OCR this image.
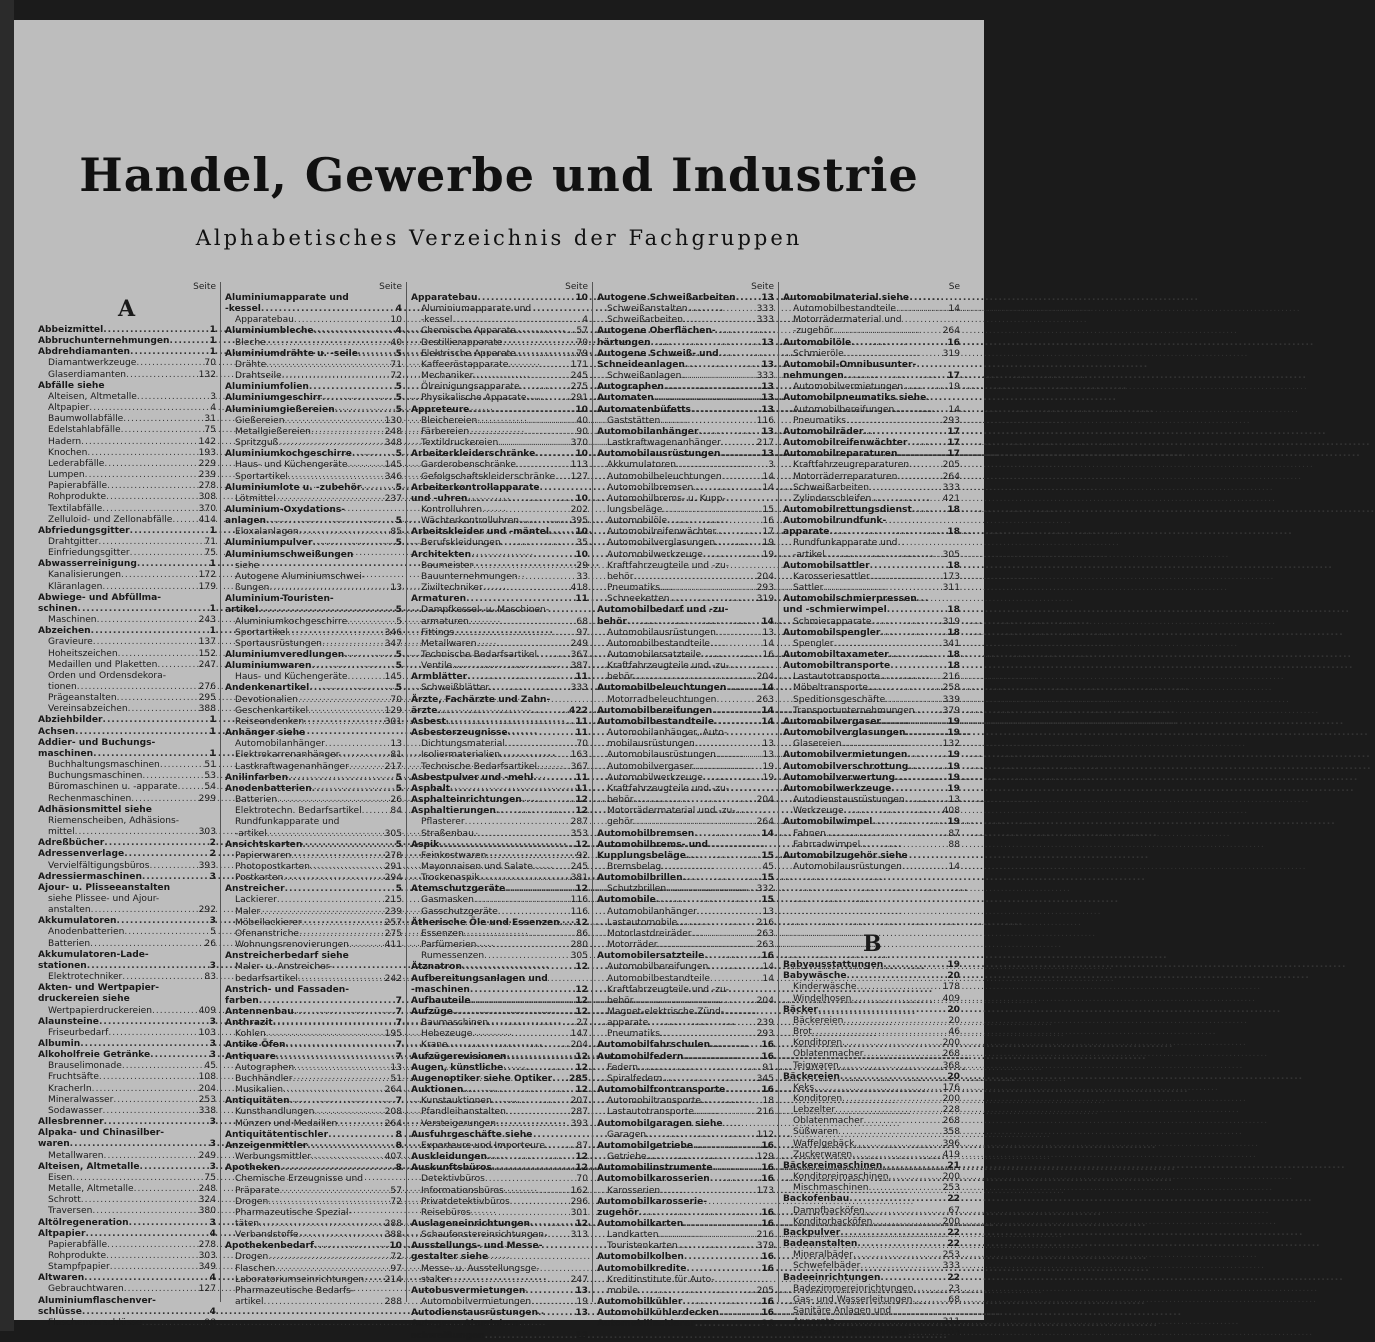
Handel, Gewerbe und Industrie
Alphabetisches Verzeichnis der Fachgruppen
Seite
A
Abbeizmittel .....	1
Abbruchunternehmungen .....	1
Abdrehdiamanten .....	1
Diamantwerkzeuge .....	70
Glaserdiamanten .....	132
Abfälle siehe
Alteisen, Altmetalle .....	3
Altpapier .....	4
Baumwollabfälle .....	31
Edelstahlabfälle .....	75
Hadern .....	142
Knochen .....	193
Lederabfälle .....	229
Lumpen .....	239
Papierabfälle .....	278
Rohprodukte .....	308
Textilabfälle .....	370
Zelluloid- und Zellonabfälle .....	414
Abfriedungsgitter .....	1
Drahtgitter .....	71
Einfriedungsgitter .....	75
Abwasserreinigung .....	1
Kanalisierungen .....	172
Kläranlagen .....	179
Abwiege- und Abfüllma-
schinen .....	1
Maschinen .....	243
Abzeichen .....	1
Gravieure .....	137
Hoheitszeichen .....	152
Medaillen und Plaketten .....	247
Orden und Ordensdekora-
tionen .....	276
Prägeanstalten .....	295
Vereinsabzeichen .....	388
Abziehbilder .....	1
Achsen .....	1
Addier- und Buchungs-
maschinen .....	1
Buchhaltungsmaschinen .....	51
Buchungsmaschinen .....	53
Büromaschinen u. -apparate .....	54
Rechenmaschinen .....	299
Adhäsionsmittel siehe
Riemenscheiben, Adhäsions-
mittel .....	303
Adreßbücher .....	2
Adressenverlage .....	2
Vervielfältigungsbüros .....	393
Adressiermaschinen .....	3
Ajour- u. Plisseeanstalten
siehe Plissee- und Ajour-
anstalten .....	292
Akkumulatoren .....	3
Anodenbatterien .....	5
Batterien .....	26
Akkumulatoren-Lade-
stationen .....	3
Elektrotechniker .....	83
Akten- und Wertpapier-
druckereien siehe
Wertpapierdruckereien .....	409
Alaunsteine .....	3
Friseurbedarf .....	103
Albumin .....	3
Alkoholfreie Getränke .....	3
Brauselimonade .....	45
Fruchtsäfte .....	108
Kracherln .....	204
Mineralwasser .....	253
Sodawasser .....	338
Allesbrenner .....	3
Alpaka- und Chinasilber-
waren .....	3
Metallwaren .....	249
Alteisen, Altmetalle .....	3
Eisen .....	75
Metalle, Altmetalle .....	248
Schrott .....	324
Traversen .....	380
Altölregeneration .....	3
Altpapier .....	4
Papierabfälle .....	278
Rohprodukte .....	303
Stampfpapier .....	349
Altwaren .....	4
Gebrauchtwaren .....	127
Aluminiumflaschenver-
schlüsse .....	4
Flaschenverschlüsse .....	98
Seite
Aluminiumapparate und
-kessel .....	4
Apparatebau .....	10
Aluminiumbleche .....	4
Bleche .....	40
Aluminiumdrähte u. -seile .....	5
Drähte .....	71
Drahtseile .....	72
Aluminiumfolien .....	5
Aluminiumgeschirr .....	5
Aluminiumgießereien .....	5
Gießereien .....	130
Metallgießereien .....	248
Spritzguß .....	348
Aluminiumkochgeschirre .....	5
Haus- und Küchengeräte .....	145
Sportartikel .....	346
Aluminiumlote u. -zubehör .....	5
Lötmittel .....	237
Aluminium-Oxydations-
anlagen .....	5
Eloxalanlagen .....	85
Aluminiumpulver .....	5
Aluminiumschweißungen
siehe
Autogene Aluminiumschwei-
ßungen .....	13
Aluminium-Touristen-
artikel .....	5
Aluminiumkochgeschirre .....	5
Sportartikel .....	346
Sportausrüstungen .....	347
Aluminiumveredlungen .....	5
Aluminiumwaren .....	5
Haus- und Küchengeräte .....	145
Andenkenartikel .....	5
Devotionalien .....	70
Geschenkartikel .....	129
Reiseandenken .....	301
Anhänger siehe
Automobilanhänger .....	13
Elektrokarrenanhänger .....	81
Lastkraftwagenanhänger .....	217
Anilinfarben .....	5
Anodenbatterien .....	5
Batterien .....	26
Elektrotechn. Bedarfsartikel .....	84
Rundfunkapparate und
-artikel .....	305
Ansichtskarten .....	5
Papierwaren .....	278
Photopostkarten .....	291
Postkarten .....	294
Anstreicher .....	5
Lackierer .....	215
Maler .....	239
Möbellackierer .....	257
Ofenanstriche .....	275
Wohnungsrenovierungen .....	411
Anstreicherbedarf siehe
Maler- u. Anstreicher-
bedarfsartikel .....	242
Anstrich- und Fassaden-
farben .....	7
Antennenbau .....	7
Anthrazit .....	7
Kohlen .....	195
Antike Öfen .....	7
Antiquare .....	7
Autographen .....	13
Buchhändler .....	51
Musikalien .....	264
Antiquitäten .....	7
Kunsthandlungen .....	208
Münzen und Medaillen .....	264
Antiquitätentischler .....	8
Anzeigenmittler .....	8
Werbungsmittler .....	407
Apotheken .....	8
Chemische Erzeugnisse und
Präparate .....	57
Drogen .....	72
Pharmazeutische Spezial-
täten .....	288
Verbandstoffe .....	388
Apothekenbedarf .....	10
Drogen .....	72
Flaschen .....	97
Laboratoriumseinrichtungen ..... 214
Pharmazeutische Bedarfs-
artikel .....	288
Seite
Apparatebau .....	10
Aluminiumapparate und
-kessel .....	4
Chemische Apparate .....	57
Destillierapparate .....	70
Elektrische Apparate .....	79
Kaffeeröstapparate .....	171
Mechaniker .....	245
Ölreinigungsapparate .....	275
Physikalische Apparate .....	291
Appreteure .....	10
Bleichereien .....	40
Färbereien .....	90
Textildruckereien .....	370
Arbeiterkleiderschränke .....	10
Garderobenschränke .....	113
Gefolgschaftskleiderschränke ..... 127
Arbeiterkontrollapparate
und -uhren .....	10
Kontrolluhren .....	202
Wächterkontrolluhren .....	395
Arbeitskleider und -mäntel .....	10
Berufskleidungen .....	35
Architekten .....	10
Baumeister .....	29
Bauunternehmungen .....	33
Ziviltechniker .....	418
Armaturen .....	11
Dampfkessel- u. Maschinen-
armaturen .....	68
Fittings .....	97
Metallwaren .....	249
Technische Bedarfsartikel .....	367
Ventile .....	387
Armblätter .....	11
Schweißblätter .....	333
Ärzte, Fachärzte und Zahn-
ärzte .....	422
Asbest .....	11
Asbesterzeugnisse .....	11
Dichtungsmaterial .....	70
Isoliermaterialien .....	163
Technische Bedarfsartikel .....	367
Asbestpulver und -mehl .....	11
Asphalt .....	11
Asphalteinrichtungen .....	12
Asphaltierungen .....	12
Pflasterer .....	287
Straßenbau .....	353
Aspik .....	12
Feinkostwaren .....	92
Mayonnaisen und Salate .....	245
Trockenaspik .....	381
Atemschutzgeräte .....	12
Gasmasken .....	116
Gasschutzgeräte .....	116
Ätherische Öle und Essenzen .....	12
Essenzen .....	86
Parfümerien .....	280
Rumessenzen .....	305
Ätznatron .....	12
Aufbereitungsanlagen und
-maschinen .....	12
Aufbauteile .....	12
Aufzüge .....	12
Baumaschinen .....	27
Hebezeuge .....	147
Krane .....	204
Aufzügerevisionen .....	12
Augen, künstliche .....	12
Augenoptiker siehe Optiker ..... 285
Auktionen .....	12
Kunstauktionen .....	207
Pfandleihanstalten .....	287
Versteigerungen .....	393
Ausfuhrgeschäfte siehe
Exporteure und Importeure .....	87
Auskleidungen .....	12
Auskunftsbüros .....	12
Detektivbüros .....	70
Informationsbüros .....	162
Privatdetektivbüros .....	296
Reisebüros .....	301
Auslageneinrichtungen .....	12
Schaufenstereinrichtungen .....	313
Ausstellungs- und Messe-
gestalter siehe
Messe- u. Ausstellungsge-
stalter .....	247
Autobusvermietungen .....	13
Automobilvermietungen .....	19
Autodienstausrüstungen .....	13
Autogene Aluminium-
schweißungen .....	13
Seite
Autogene Schweißarbeiten .....	13
Schweißanstalten .....	333
Schweißarbeiten .....	333
Autogene Oberflächen-
härtungen .....	13
Autogene Schweiß- und
Schneideanlagen .....	13
Schweißanlagen .....	333
Autographen .....	13
Automaten .....	13
Automatenbüfetts .....	13
Gaststätten .....	116
Automobilanhänger .....	13
Lastkraftwagenanhänger .....	217
Automobilausrüstungen .....	13
Akkumulatoren .....	3
Automobilbeleuchtungen .....	14
Automobilbremsen .....	14
Automobilbrems- u. Kupp-
lungsbeläge .....	15
Automobilöle .....	16
Automobilreifenwächter .....	17
Automobilverglasungen .....	19
Automobilwerkzeuge .....	19
Kraftfahrzeugteile und -zu-
behör .....	204
Pneumatiks .....	293
Schneeketten .....	319
Automobilbedarf und -zu-
behör .....	14
Automobilausrüstungen .....	13
Automobilbestandteile .....	14
Automobilersatzteile .....	16
Kraftfahrzeugteile und -zu-
behör .....	204
Automobilbeleuchtungen .....	14
Motorradbeleuchtungen .....	263
Automobilbereifungen .....	14
Automobilbestandteile .....	14
Automobilanhänger, Auto-
mobilausrüstungen .....	13
Automobilausrüstungen .....	13
Automobilvergaser .....	19
Automobilwerkzeuge .....	19
Kraftfahrzeugteile und -zu-
behör .....	204
Motorrädermaterial und -zu-
gehör .....	264
Automobilbremsen .....	14
Automobilbrems- und
Kupplungsbeläge .....	15
Bremsbelag .....	45
Automobilbrillen .....	15
Schutzbrillen .....	332
Automobile .....	15
Automobilanhänger .....	13
Lastautomobile .....	216
Motorlastdreiräder .....	263
Motorräder .....	263
Automobilersatzteile .....	16
Automobilbereifungen .....	14
Automobilbestandteile .....	14
Kraftfahrzeugteile und -zu-
behör .....	204
Magnet-elektrische Zünd-
apparate .....	239
Pneumatiks .....	293
Automobilfahrschulen .....	16
Automobilfedern .....	16
Federn .....	91
Spiralfedern .....	345
Automobilfrontransporte .....	16
Automobiltransporte .....	18
Lastautotransporte .....	216
Automobilgaragen siehe
Garagen .....	112
Automobilgetriebe .....	16
Getriebe .....	129
Automobilinstrumente .....	16
Automobilkarosserien .....	16
Karosserien .....	173
Automobilkarosserie-
zugehör .....	16
Automobilkarten .....	16
Landkarten .....	216
Touristenkarten .....	379
Automobilkolben .....	16
Automobilkredite .....	16
Kreditinstitute für Auto-
mobile .....	205
Automobilkühler .....	16
Automobilkühlerdecken .....	16
Automobillackierer .....	16
Se
Automobilmaterial siehe
Automobilbestandteile .....	14
Motorrädermaterial und
-zugehör .....	264
Automobilöle .....	16
Schmieröle .....	319
Automobil-Omnibusunter-
nehmungen .....	17
Automobilvermietungen .....	19
Automobilpneumatiks siehe
Automobilbereifungen .....	14
Pneumatiks .....	293
Automobilräder .....	17
Automobilreifenwächter .....	17
Automobilreparaturen .....	17
Kraftfahrzeugreparaturen .....	205
Motorräderreparaturen .....	264
Schweißarbeiten .....	333
Zylinderschleifen .....	421
Automobilrettungsdienst .....	18
Automobilrundfunk-
apparate .....	18
Rundfunkapparate und
-artikel .....	305
Automobilsattler .....	18
Karosseriesattler .....	173
Sattler .....	311
Automobilschmierpressen
und -schmierwimpel .....	18
Schmierapparate .....	319
Automobilspengler .....	18
Spengler .....	341
Automobiltaxameter .....	18
Automobiltransporte .....	18
Lastautotransporte .....	216
Möbeltransporte .....	258
Speditionsgeschäfte .....	339
Transportunternehmungen .....	379
Automobilvergaser .....	19
Automobilverglasungen .....	19
Glasereien .....	132
Automobilvermietungen .....	19
Automobilverschrottung .....	19
Automobilverwertung .....	19
Automobilwerkzeuge .....	19
Autodienstausrüstungen .....	13
Werkzeuge .....	408
Automobilwimpel .....	19
Fahnen .....	87
Fahrradwimpel .....	88
Automobilzugehör siehe
Automobilausrüstungen .....	14
B
Babyausstattungen .....	19
Babywäsche .....	20
Kinderwäsche .....	178
Windelhosen .....	409
Bäcker .....	20
Bäckereien .....	20
Brot .....	46
Konditoren .....	200
Oblatenmacher .....	268
Teigwaren .....	368
Bäckereien .....	20
Keks .....	176
Konditoren .....	200
Lebzelter .....	228
Oblatenmacher .....	268
Süßwaren .....	358
Waffelgebäck .....	396
Zuckerwaren .....	419
Bäckereimaschinen .....	21
Konditoreimaschinen .....	200
Mischmaschinen .....	253
Backofenbau .....	22
Dampfbacköfen .....	67
Konditorbacköfen .....	200
Backpulver .....	22
Badeanstalten .....	22
Mineralbäder .....	253
Schwefelbäder .....	333
Badeeinrichtungen .....	22
Badezimmereinrichtungen .....	23
Gas- und Wasserleitungen .....	68
Sanitäre Anlagen und
Apparate .....	311
Wasch- und Trinkbrunnen .....	403
